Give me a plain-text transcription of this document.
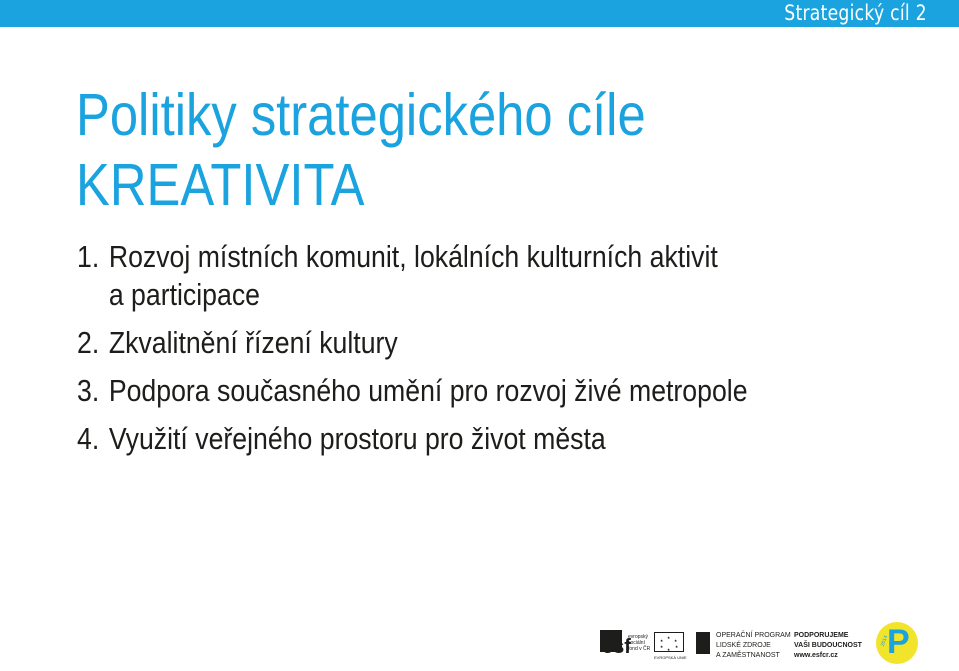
Strategický cíl 2
Politiky strategického cíle
KREATIVITA
1. Rozvoj místních komunit, lokálních kulturních aktivit
a participace
2. Zkvalitnění řízení kultury
3. Podpora současného umění pro rozvoj živé metropole
4. Využití veřejného prostoru pro život města
esf
evropský
sociální
fond v ČR
★
★
★
★
★
★
EVROPSKÁ UNIE
OPERAČNÍ PROGRAM
LIDSKÉ ZDROJE
A ZAMĚSTNANOST
PODPORUJEME
VAŠI BUDOUCNOST
www.esfcr.cz P
2014
